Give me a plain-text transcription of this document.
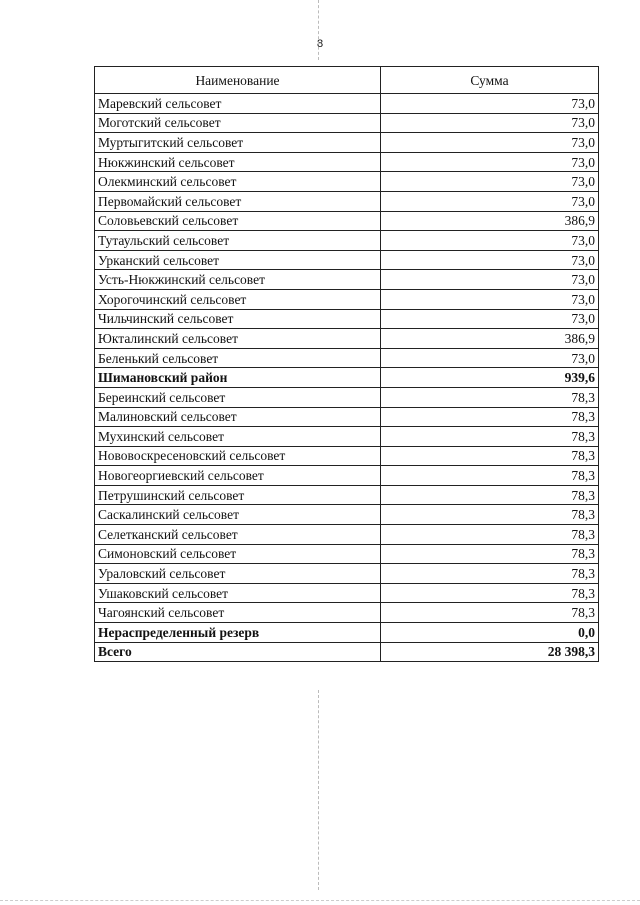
8
Наименование	Сумма
Маревский сельсовет	73,0
Моготский сельсовет	73,0
Муртыгитский сельсовет	73,0
Нюкжинский сельсовет	73,0
Олекминский сельсовет	73,0
Первомайский сельсовет	73,0
Соловьевский сельсовет	386,9
Тутаульский сельсовет	73,0
Урканский сельсовет	73,0
Усть-Нюкжинский сельсовет	73,0
Хорогочинский сельсовет	73,0
Чильчинский сельсовет	73,0
Юкталинский сельсовет	386,9
Беленький сельсовет	73,0
Шимановский район	939,6
Береинский сельсовет	78,3
Малиновский сельсовет	78,3
Мухинский сельсовет	78,3
Нововоскресеновский сельсовет	78,3
Новогеоргиевский сельсовет	78,3
Петрушинский сельсовет	78,3
Саскалинский сельсовет	78,3
Селетканский сельсовет	78,3
Симоновский сельсовет	78,3
Ураловский сельсовет	78,3
Ушаковский сельсовет	78,3
Чагоянский сельсовет	78,3
Нераспределенный резерв	0,0
Всего	28 398,3
